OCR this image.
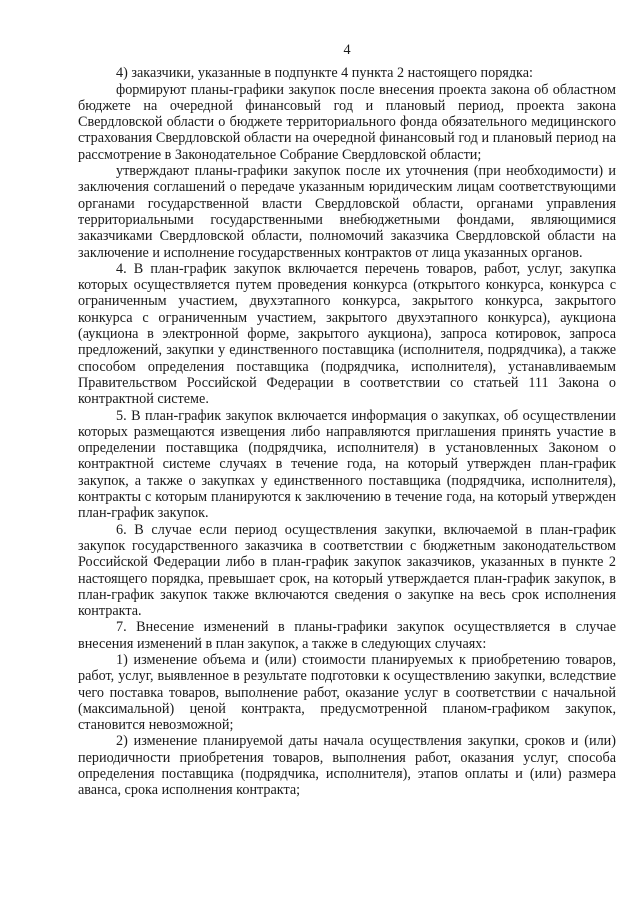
4

4) заказчики, указанные в подпункте 4 пункта 2 настоящего порядка:

формируют планы-графики закупок после внесения проекта закона об областном бюджете на очередной финансовый год и плановый период, проекта закона Свердловской области о бюджете территориального фонда обязательного медицинского страхования Свердловской области на очередной финансовый год и плановый период на рассмотрение в Законодательное Собрание Свердловской области;

утверждают планы-графики закупок после их уточнения (при необходимости) и заключения соглашений о передаче указанным юридическим лицам соответствующими органами государственной власти Свердловской области, органами управления территориальными государственными внебюджетными фондами, являющимися заказчиками Свердловской области, полномочий заказчика Свердловской области на заключение и исполнение государственных контрактов от лица указанных органов.

4. В план-график закупок включается перечень товаров, работ, услуг, закупка которых осуществляется путем проведения конкурса (открытого конкурса, конкурса с ограниченным участием, двухэтапного конкурса, закрытого конкурса, закрытого конкурса с ограниченным участием, закрытого двухэтапного конкурса), аукциона (аукциона в электронной форме, закрытого аукциона), запроса котировок, запроса предложений, закупки у единственного поставщика (исполнителя, подрядчика), а также способом определения поставщика (подрядчика, исполнителя), устанавливаемым Правительством Российской Федерации в соответствии со статьей 111 Закона о контрактной системе.

5. В план-график закупок включается информация о закупках, об осуществлении которых размещаются извещения либо направляются приглашения принять участие в определении поставщика (подрядчика, исполнителя) в установленных Законом о контрактной системе случаях в течение года, на который утвержден план-график закупок, а также о закупках у единственного поставщика (подрядчика, исполнителя), контракты с которым планируются к заключению в течение года, на который утвержден план-график закупок.

6. В случае если период осуществления закупки, включаемой в план-график закупок государственного заказчика в соответствии с бюджетным законодательством Российской Федерации либо в план-график закупок заказчиков, указанных в пункте 2 настоящего порядка, превышает срок, на который утверждается план-график закупок, в план-график закупок также включаются сведения о закупке на весь срок исполнения контракта.

7. Внесение изменений в планы-графики закупок осуществляется в случае внесения изменений в план закупок, а также в следующих случаях:

1) изменение объема и (или) стоимости планируемых к приобретению товаров, работ, услуг, выявленное в результате подготовки к осуществлению закупки, вследствие чего поставка товаров, выполнение работ, оказание услуг в соответствии с начальной (максимальной) ценой контракта, предусмотренной планом-графиком закупок, становится невозможной;

2) изменение планируемой даты начала осуществления закупки, сроков и (или) периодичности приобретения товаров, выполнения работ, оказания услуг, способа определения поставщика (подрядчика, исполнителя), этапов оплаты и (или) размера аванса, срока исполнения контракта;
